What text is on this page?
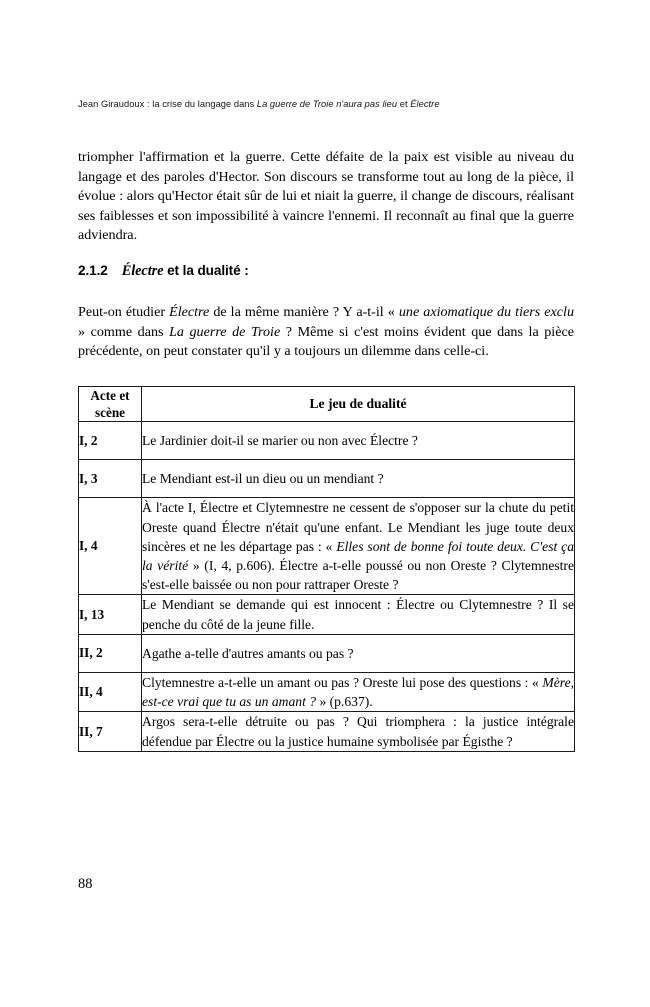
Jean Giraudoux : la crise du langage dans La guerre de Troie n'aura pas lieu et Électre

triompher l'affirmation et la guerre. Cette défaite de la paix est visible au niveau du langage et des paroles d'Hector. Son discours se transforme tout au long de la pièce, il évolue : alors qu'Hector était sûr de lui et niait la guerre, il change de discours, réalisant ses faiblesses et son impossibilité à vaincre l'ennemi. Il reconnaît au final que la guerre adviendra.

2.1.2 Électre et la dualité :

Peut-on étudier Électre de la même manière ? Y a-t-il « une axiomatique du tiers exclu » comme dans La guerre de Troie ? Même si c'est moins évident que dans la pièce précédente, on peut constater qu'il y a toujours un dilemme dans celle-ci.

Acte et scène	Le jeu de dualité
I, 2	Le Jardinier doit-il se marier ou non avec Électre ?
I, 3	Le Mendiant est-il un dieu ou un mendiant ?
I, 4	À l'acte I, Électre et Clytemnestre ne cessent de s'opposer sur la chute du petit Oreste quand Électre n'était qu'une enfant. Le Mendiant les juge toute deux sincères et ne les départage pas : « Elles sont de bonne foi toute deux. C'est ça la vérité » (I, 4, p.606). Électre a-t-elle poussé ou non Oreste ? Clytemnestre s'est-elle baissée ou non pour rattraper Oreste ?
I, 13	Le Mendiant se demande qui est innocent : Électre ou Clytemnestre ? Il se penche du côté de la jeune fille.
II, 2	Agathe a-telle d'autres amants ou pas ?
II, 4	Clytemnestre a-t-elle un amant ou pas ? Oreste lui pose des questions : « Mère, est-ce vrai que tu as un amant ? » (p.637).
II, 7	Argos sera-t-elle détruite ou pas ? Qui triomphera : la justice intégrale défendue par Électre ou la justice humaine symbolisée par Égisthe ?
88
